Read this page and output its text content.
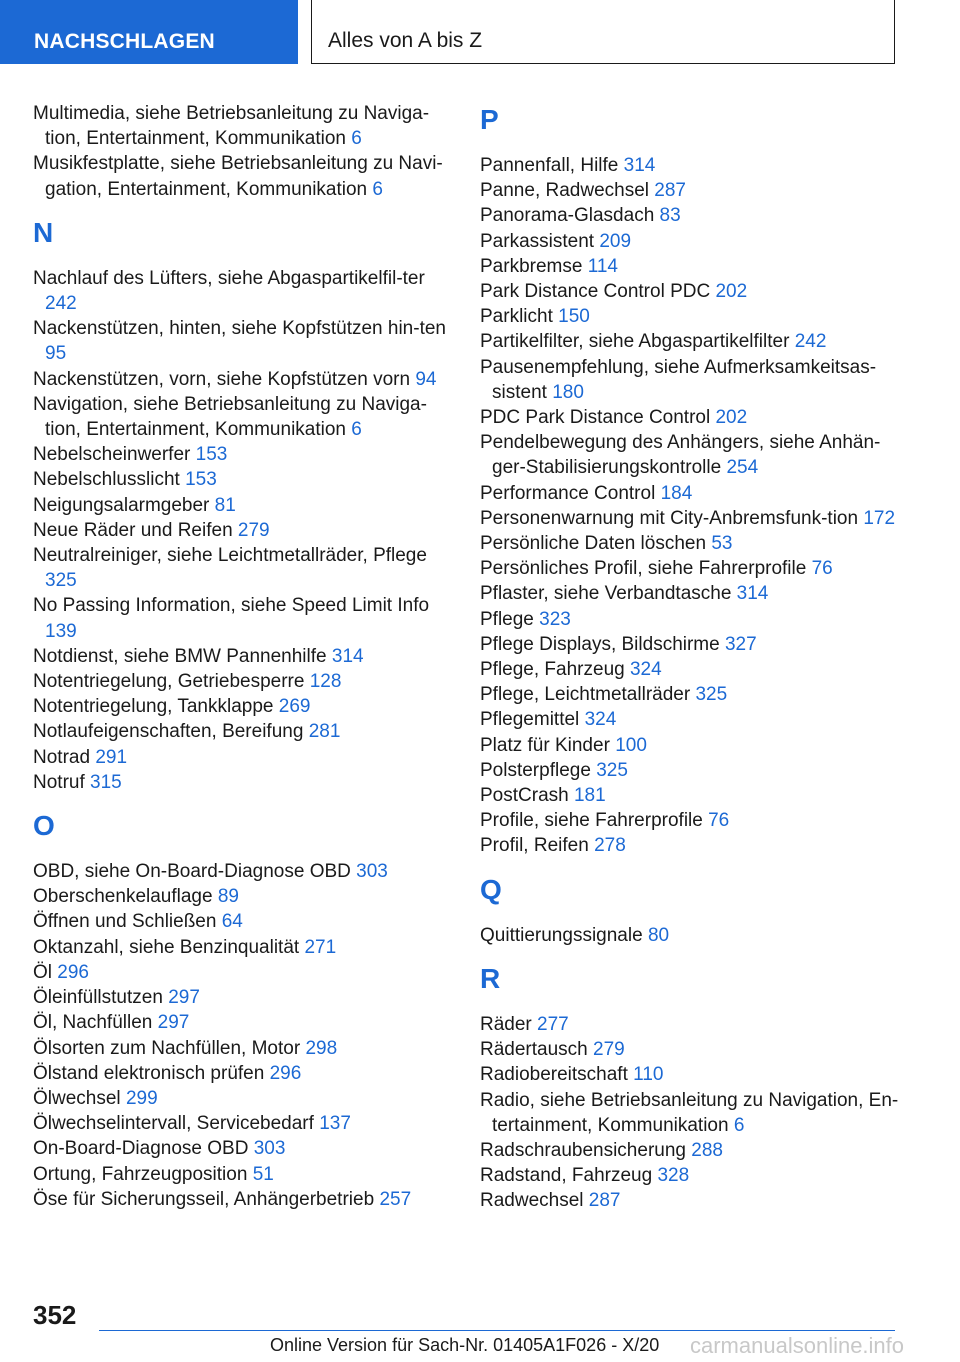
NACHSCHLAGEN	Alles von A bis Z
Multimedia, siehe Betriebsanleitung zu Naviga-tion, Entertainment, Kommunikation 6
Musikfestplatte, siehe Betriebsanleitung zu Navi-gation, Entertainment, Kommunikation 6
N
Nachlauf des Lüfters, siehe Abgaspartikelfil-ter 242
Nackenstützen, hinten, siehe Kopfstützen hin-ten 95
Nackenstützen, vorn, siehe Kopfstützen vorn 94
Navigation, siehe Betriebsanleitung zu Naviga-tion, Entertainment, Kommunikation 6
Nebelscheinwerfer 153
Nebelschlusslicht 153
Neigungsalarmgeber 81
Neue Räder und Reifen 279
Neutralreiniger, siehe Leichtmetallräder, Pflege 325
No Passing Information, siehe Speed Limit Info 139
Notdienst, siehe BMW Pannenhilfe 314
Notentriegelung, Getriebesperre 128
Notentriegelung, Tankklappe 269
Notlaufeigenschaften, Bereifung 281
Notrad 291
Notruf 315
O
OBD, siehe On-Board-Diagnose OBD 303
Oberschenkelauflage 89
Öffnen und Schließen 64
Oktanzahl, siehe Benzinqualität 271
Öl 296
Öleinfüllstutzen 297
Öl, Nachfüllen 297
Ölsorten zum Nachfüllen, Motor 298
Ölstand elektronisch prüfen 296
Ölwechsel 299
Ölwechselintervall, Servicebedarf 137
On-Board-Diagnose OBD 303
Ortung, Fahrzeugposition 51
Öse für Sicherungsseil, Anhängerbetrieb 257
P
Pannenfall, Hilfe 314
Panne, Radwechsel 287
Panorama-Glasdach 83
Parkassistent 209
Parkbremse 114
Park Distance Control PDC 202
Parklicht 150
Partikelfilter, siehe Abgaspartikelfilter 242
Pausenempfehlung, siehe Aufmerksamkeitsas-sistent 180
PDC Park Distance Control 202
Pendelbewegung des Anhängers, siehe Anhän-ger-Stabilisierungskontrolle 254
Performance Control 184
Personenwarnung mit City-Anbremsfunk-tion 172
Persönliche Daten löschen 53
Persönliches Profil, siehe Fahrerprofile 76
Pflaster, siehe Verbandtasche 314
Pflege 323
Pflege Displays, Bildschirme 327
Pflege, Fahrzeug 324
Pflege, Leichtmetallräder 325
Pflegemittel 324
Platz für Kinder 100
Polsterpflege 325
PostCrash 181
Profile, siehe Fahrerprofile 76
Profil, Reifen 278
Q
Quittierungssignale 80
R
Räder 277
Rädertausch 279
Radiobereitschaft 110
Radio, siehe Betriebsanleitung zu Navigation, En-tertainment, Kommunikation 6
Radschraubensicherung 288
Radstand, Fahrzeug 328
Radwechsel 287
352
Online Version für Sach-Nr. 01405A1F026 - X/20 carmanualsonline.info
